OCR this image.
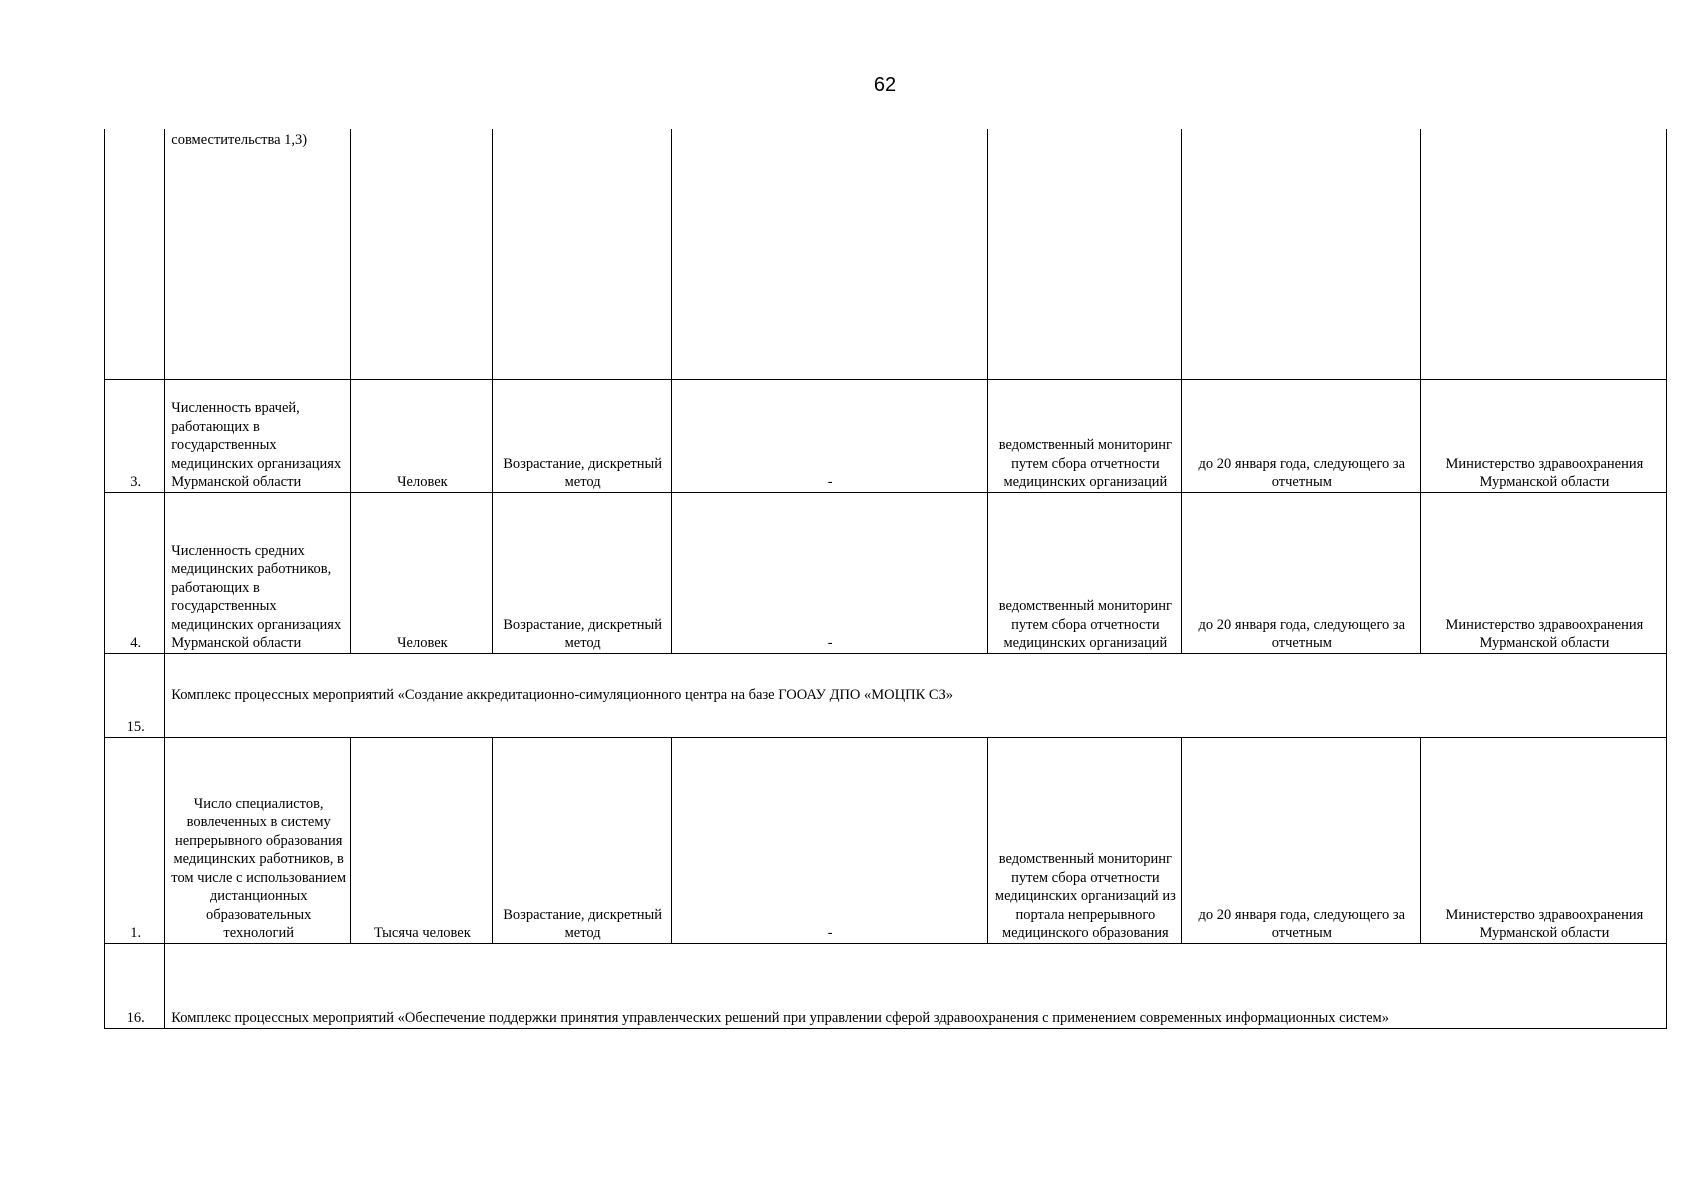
62
	совместительства 1,3)						
3.	Численность врачей, работающих в государственных медицинских организациях Мурманской области	Человек	Возрастание, дискретный метод	-	ведомственный мониторинг путем сбора отчетности медицинских организаций	до 20 января года, следующего за отчетным	Министерство здравоохранения Мурманской области
4.	Численность средних медицинских работников, работающих в государственных медицинских организациях Мурманской области	Человек	Возрастание, дискретный метод	-	ведомственный мониторинг путем сбора отчетности медицинских организаций	до 20 января года, следующего за отчетным	Министерство здравоохранения Мурманской области
15.	Комплекс процессных мероприятий «Создание аккредитационно-симуляционного центра на базе ГООАУ ДПО «МОЦПК СЗ»						
1.	Число специалистов, вовлеченных в систему непрерывного образования медицинских работников, в том числе с использованием дистанционных образовательных технологий	Тысяча человек	Возрастание, дискретный метод	-	ведомственный мониторинг путем сбора отчетности медицинских организаций из портала непрерывного медицинского образования	до 20 января года, следующего за отчетным	Министерство здравоохранения Мурманской области
16.	Комплекс процессных мероприятий «Обеспечение поддержки принятия управленческих решений при управлении сферой здравоохранения с применением современных информационных систем»						
